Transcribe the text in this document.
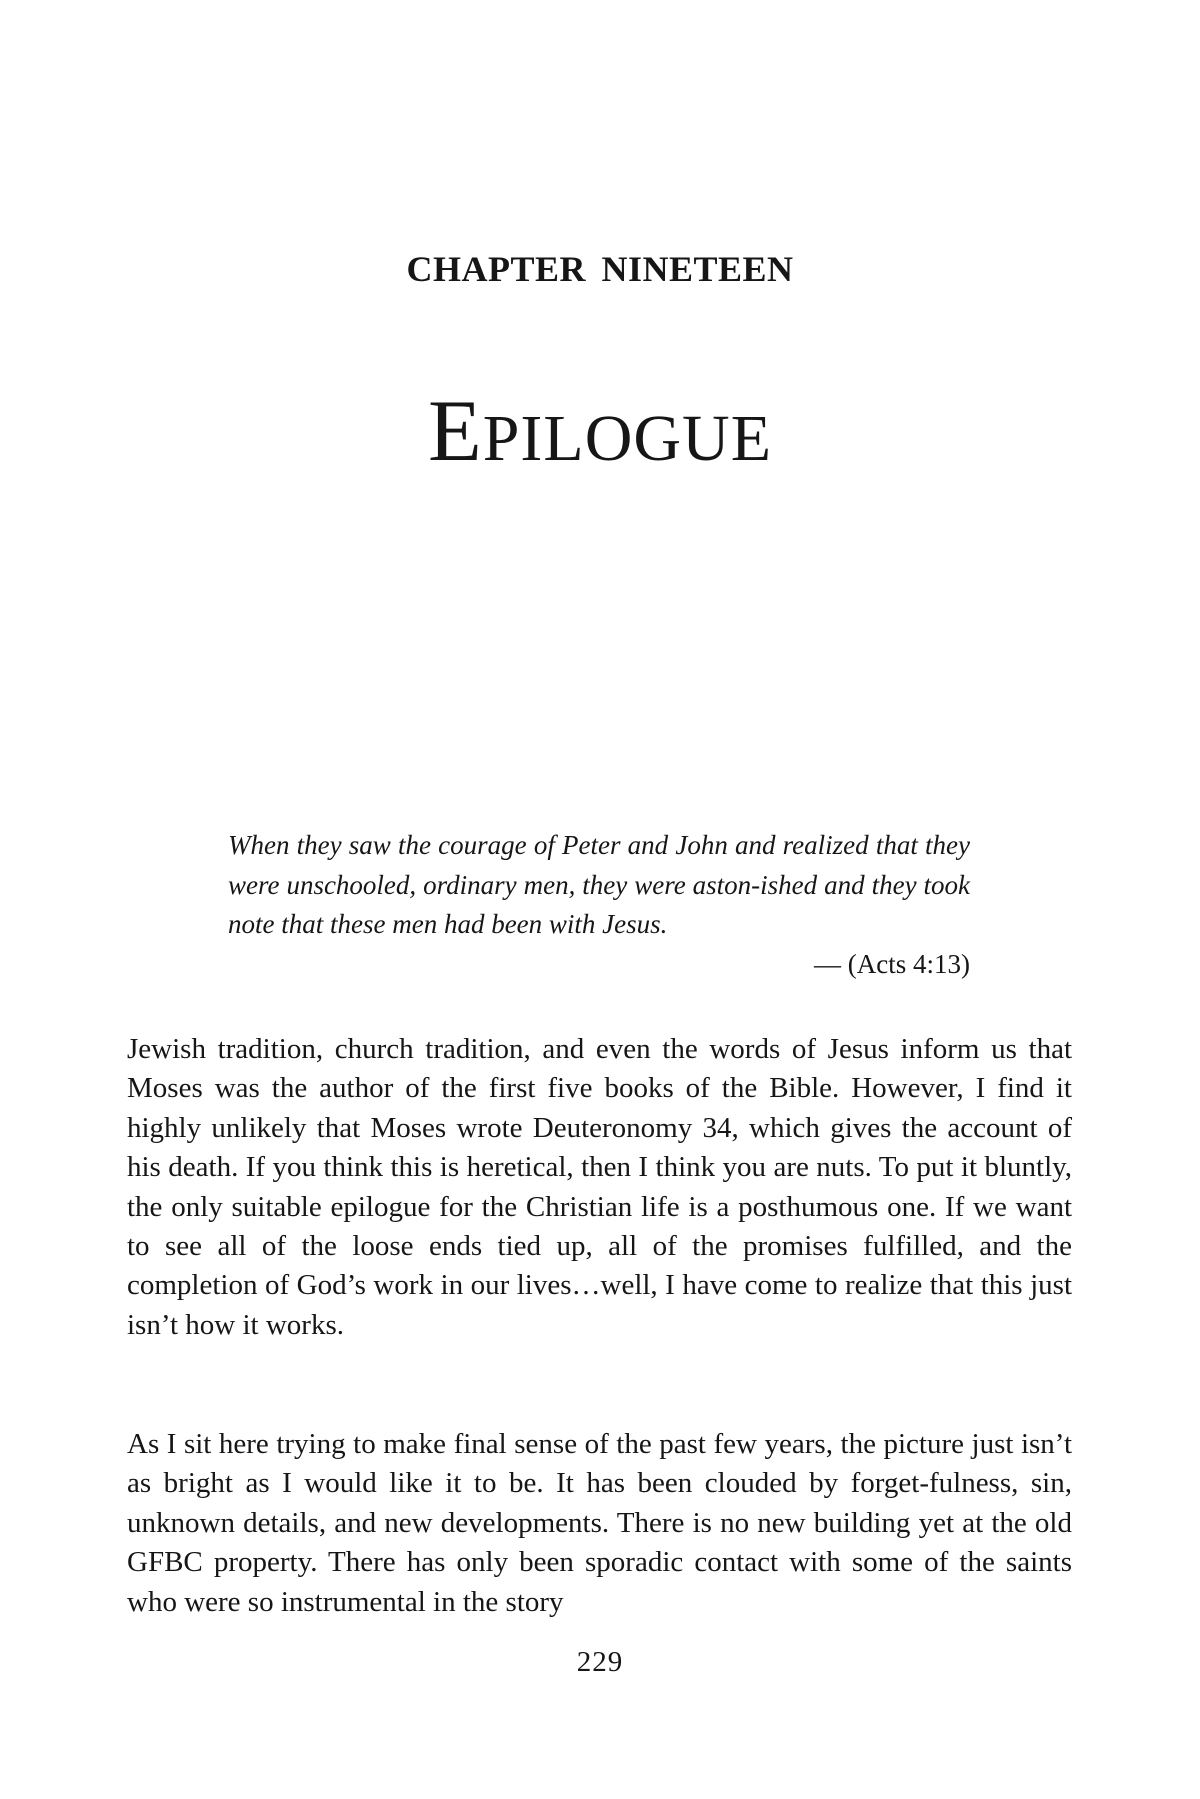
CHAPTER NINETEEN
EPILOGUE
When they saw the courage of Peter and John and realized that they were unschooled, ordinary men, they were aston-ished and they took note that these men had been with Jesus.
— (Acts 4:13)

Jewish tradition, church tradition, and even the words of Jesus inform us that Moses was the author of the first five books of the Bible. However, I find it highly unlikely that Moses wrote Deuteronomy 34, which gives the account of his death. If you think this is heretical, then I think you are nuts. To put it bluntly, the only suitable epilogue for the Christian life is a posthumous one. If we want to see all of the loose ends tied up, all of the promises fulfilled, and the completion of God’s work in our lives…well, I have come to realize that this just isn’t how it works.

As I sit here trying to make final sense of the past few years, the picture just isn’t as bright as I would like it to be. It has been clouded by forget-fulness, sin, unknown details, and new developments. There is no new building yet at the old GFBC property. There has only been sporadic contact with some of the saints who were so instrumental in the story

229
